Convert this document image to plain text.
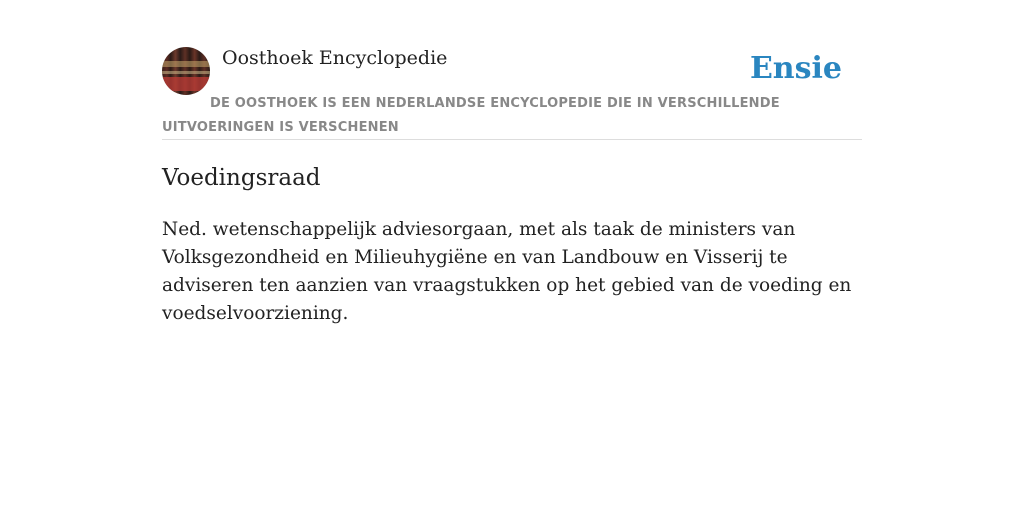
Oosthoek Encyclopedie	Ensie
DE OOSTHOEK IS EEN NEDERLANDSE ENCYCLOPEDIE DIE IN VERSCHILLENDE UITVOERINGEN IS VERSCHENEN
Voedingsraad

Ned. wetenschappelijk adviesorgaan, met als taak de ministers van Volksgezondheid en Milieuhygiëne en van Landbouw en Visserij te adviseren ten aanzien van vraagstukken op het gebied van de voeding en voedselvoorziening.
